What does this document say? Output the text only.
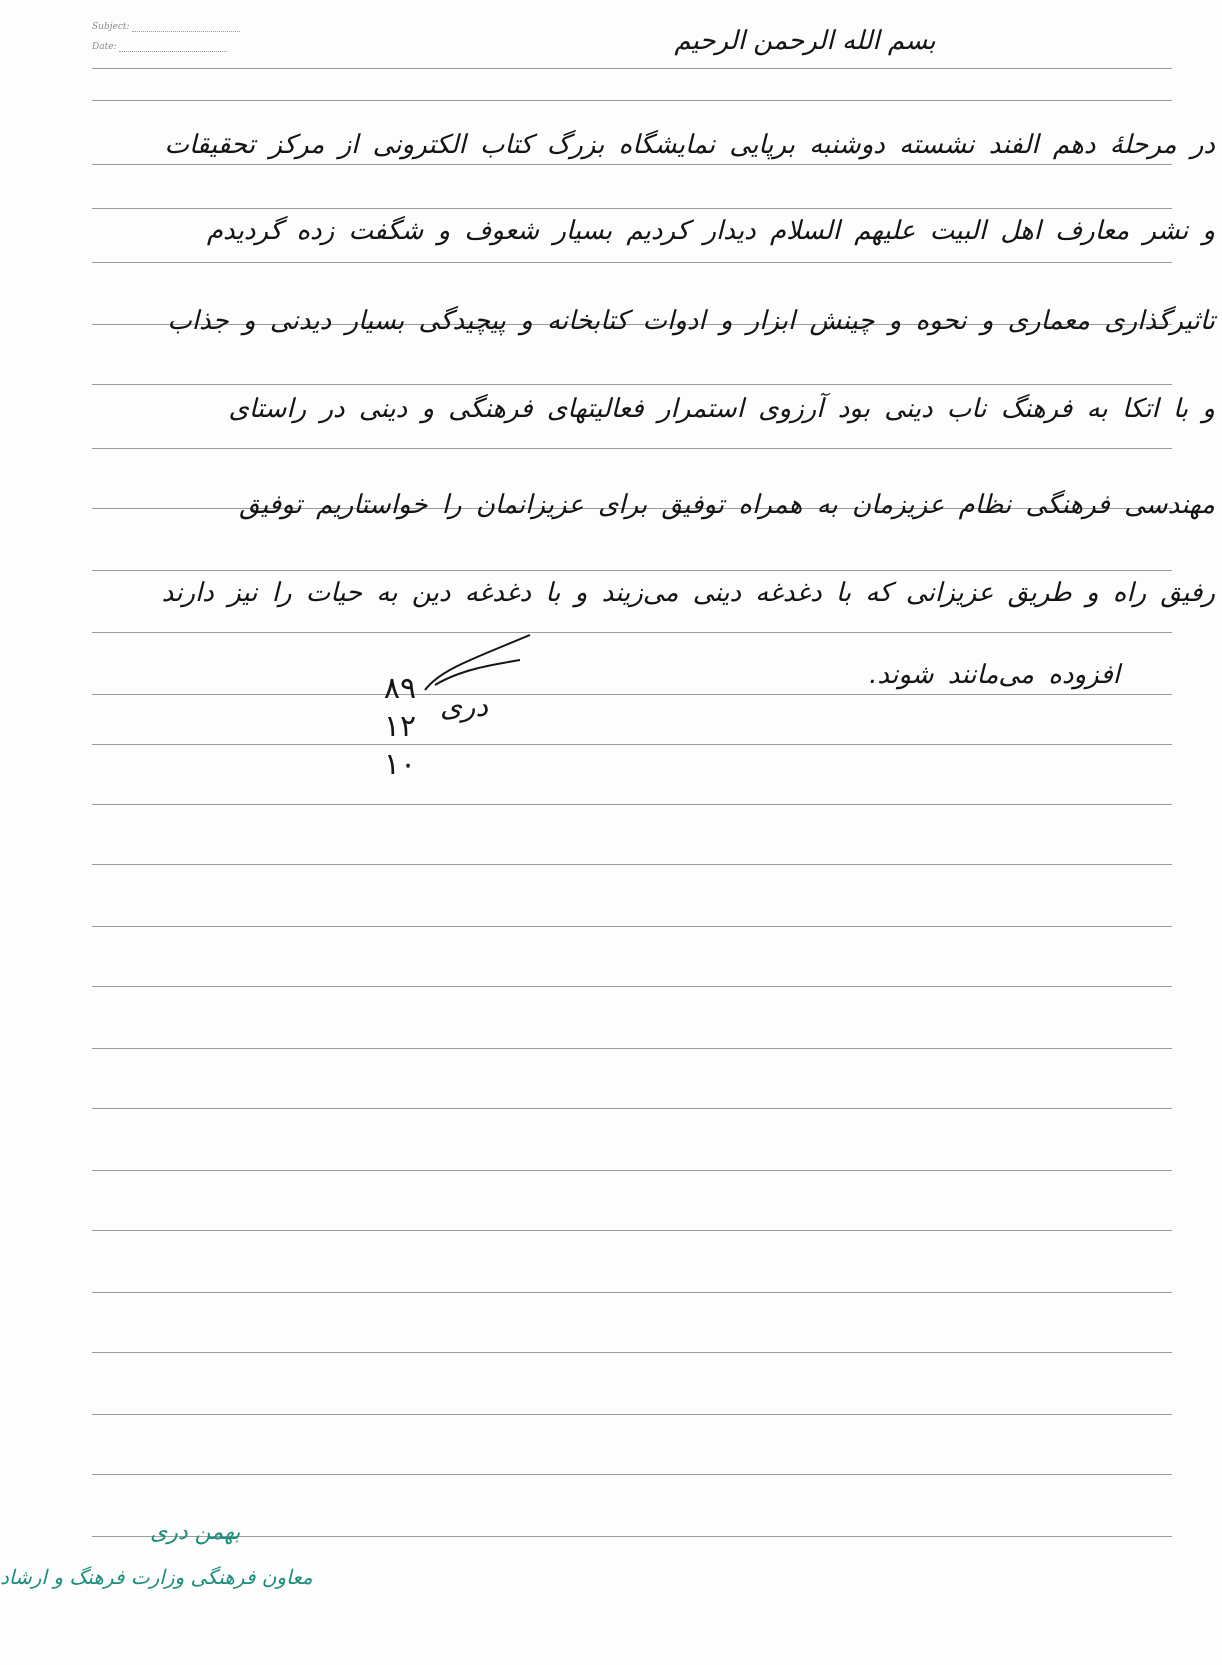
Subject:
Date:	بسم الله الرحمن الرحیم
در مرحلهٔ دهم الفند نشسته دوشنبه برپایی نمایشگاه بزرگ کتاب الکترونی از مرکز تحقیقات
و نشر معارف اهل البیت علیهم السلام دیدار کردیم بسیار شعوف و شگفت زده گردیدم
تاثیرگذاری معماری و نحوه و چینش ابزار و ادوات کتابخانه و پیچیدگی بسیار دیدنی و جذاب
و با اتکا به فرهنگ ناب دینی بود آرزوی استمرار فعالیتهای فرهنگی و دینی در راستای
مهندسی فرهنگی نظام عزیزمان به همراه توفیق برای عزیزانمان را خواستاریم توفیق
رفیق راه و طریق عزیزانی که با دغدغه دینی می‌زیند و با دغدغه دین به حیات را نیز دارند
افزوده می‌مانند شوند.
۸۹
۱۲
۱۰
دری
بهمن دری
معاون فرهنگی وزارت فرهنگ و ارشاد
